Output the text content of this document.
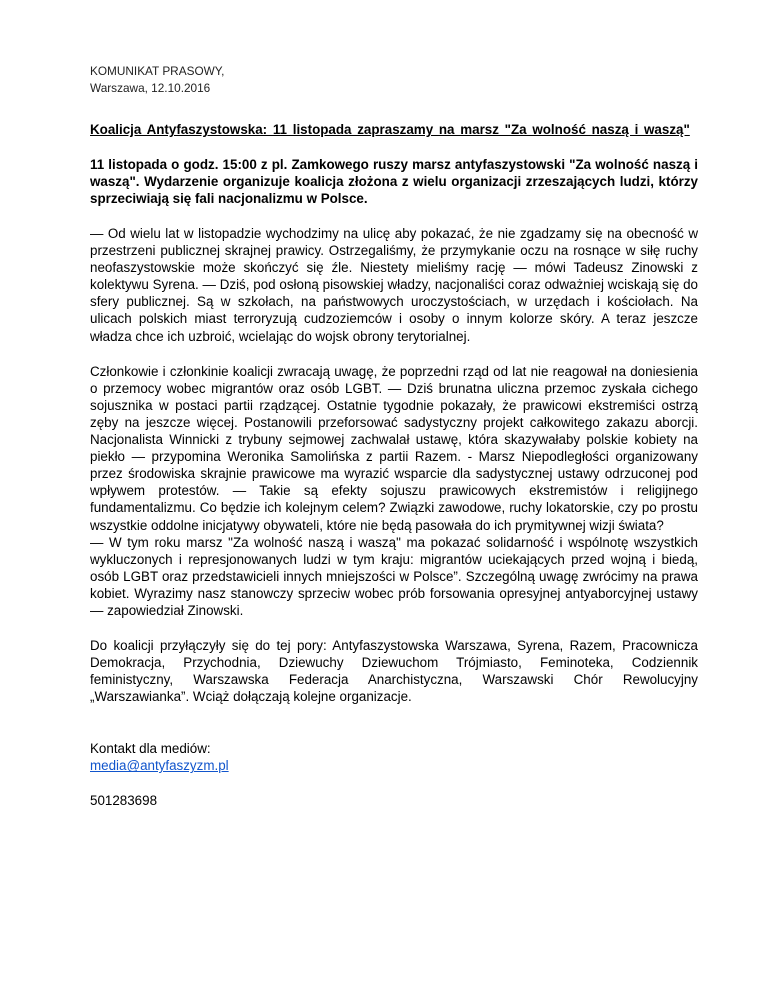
KOMUNIKAT PRASOWY,

Warszawa, 12.10.2016

Koalicja Antyfaszystowska: 11 listopada zapraszamy na marsz "Za wolność naszą i waszą"
11 listopada o godz. 15:00 z pl. Zamkowego ruszy marsz antyfaszystowski "Za wolność naszą i waszą". Wydarzenie organizuje koalicja złożona z wielu organizacji zrzeszających ludzi, którzy sprzeciwiają się fali nacjonalizmu w Polsce.

— Od wielu lat w listopadzie wychodzimy na ulicę aby pokazać, że nie zgadzamy się na obecność w przestrzeni publicznej skrajnej prawicy. Ostrzegaliśmy, że przymykanie oczu na rosnące w siłę ruchy neofaszystowskie może skończyć się źle. Niestety mieliśmy rację — mówi Tadeusz Zinowski z kolektywu Syrena. — Dziś, pod osłoną pisowskiej władzy, nacjonaliści coraz odważniej wciskają się do sfery publicznej. Są w szkołach, na państwowych uroczystościach, w urzędach i kościołach. Na ulicach polskich miast terroryzują cudzoziemców i osoby o innym kolorze skóry. A teraz jeszcze władza chce ich uzbroić, wcielając do wojsk obrony terytorialnej.

Członkowie i członkinie koalicji zwracają uwagę, że poprzedni rząd od lat nie reagował na doniesienia o przemocy wobec migrantów oraz osób LGBT. — Dziś brunatna uliczna przemoc zyskała cichego sojusznika w postaci partii rządzącej. Ostatnie tygodnie pokazały, że prawicowi ekstremiści ostrzą zęby na jeszcze więcej. Postanowili przeforsować sadystyczny projekt całkowitego zakazu aborcji. Nacjonalista Winnicki z trybuny sejmowej zachwalał ustawę, która skazywałaby polskie kobiety na piekło — przypomina Weronika Samolińska z partii Razem. - Marsz Niepodległości organizowany przez środowiska skrajnie prawicowe ma wyrazić wsparcie dla sadystycznej ustawy odrzuconej pod wpływem protestów. — Takie są efekty sojuszu prawicowych ekstremistów i religijnego fundamentalizmu. Co będzie ich kolejnym celem? Związki zawodowe, ruchy lokatorskie, czy po prostu wszystkie oddolne inicjatywy obywateli, które nie będą pasowała do ich prymitywnej wizji świata?
— W tym roku marsz "Za wolność naszą i waszą" ma pokazać solidarność i wspólnotę wszystkich wykluczonych i represjonowanych ludzi w tym kraju: migrantów uciekających przed wojną i biedą, osób LGBT oraz przedstawicieli innych mniejszości w Polsce”. Szczególną uwagę zwrócimy na prawa kobiet. Wyrazimy nasz stanowczy sprzeciw wobec prób forsowania opresyjnej antyaborcyjnej ustawy — zapowiedział Zinowski.

Do koalicji przyłączyły się do tej pory: Antyfaszystowska Warszawa, Syrena, Razem, Pracownicza Demokracja, Przychodnia, Dziewuchy Dziewuchom Trójmiasto, Feminoteka, Codziennik feministyczny, Warszawska Federacja Anarchistyczna, Warszawski Chór Rewolucyjny „Warszawianka”. Wciąż dołączają kolejne organizacje.

Kontakt dla mediów:
media@antyfaszyzm.pl
501283698
